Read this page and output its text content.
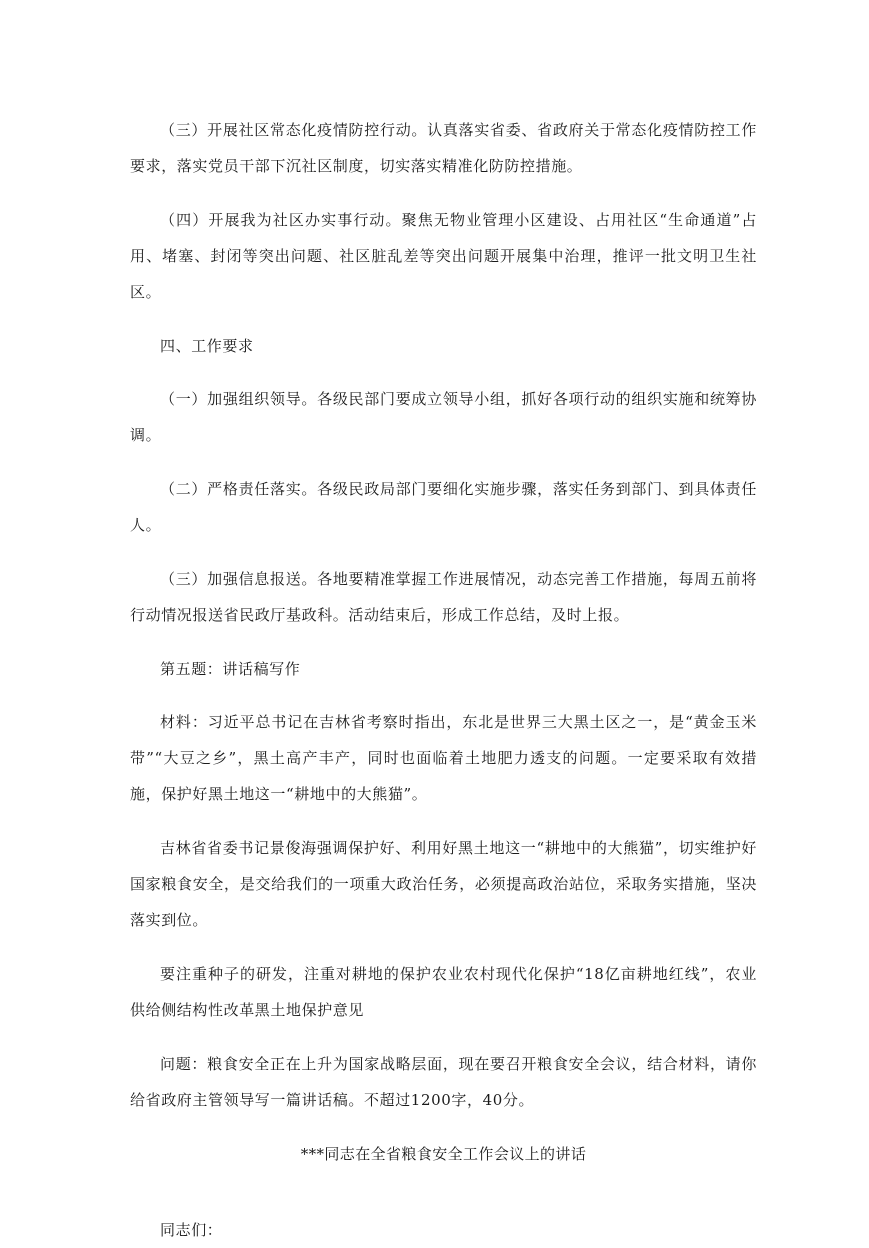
（三）开展社区常态化疫情防控行动。认真落实省委、省政府关于常态化疫情防控工作要求，落实党员干部下沉社区制度，切实落实精准化防防控措施。

（四）开展我为社区办实事行动。聚焦无物业管理小区建设、占用社区“生命通道”占用、堵塞、封闭等突出问题、社区脏乱差等突出问题开展集中治理，推评一批文明卫生社区。

四、工作要求

（一）加强组织领导。各级民部门要成立领导小组，抓好各项行动的组织实施和统筹协调。

（二）严格责任落实。各级民政局部门要细化实施步骤，落实任务到部门、到具体责任人。

（三）加强信息报送。各地要精准掌握工作进展情况，动态完善工作措施，每周五前将行动情况报送省民政厅基政科。活动结束后，形成工作总结，及时上报。

第五题：讲话稿写作

材料：习近平总书记在吉林省考察时指出，东北是世界三大黑土区之一，是“黄金玉米带”“大豆之乡”，黑土高产丰产，同时也面临着土地肥力透支的问题。一定要采取有效措施，保护好黑土地这一“耕地中的大熊猫”。

吉林省省委书记景俊海强调保护好、利用好黑土地这一“耕地中的大熊猫”，切实维护好国家粮食安全，是交给我们的一项重大政治任务，必须提高政治站位，采取务实措施，坚决落实到位。

要注重种子的研发，注重对耕地的保护农业农村现代化保护“18亿亩耕地红线”，农业供给侧结构性改革黑土地保护意见

问题：粮食安全正在上升为国家战略层面，现在要召开粮食安全会议，结合材料，请你给省政府主管领导写一篇讲话稿。不超过1200字，40分。

***同志在全省粮食安全工作会议上的讲话

同志们：
